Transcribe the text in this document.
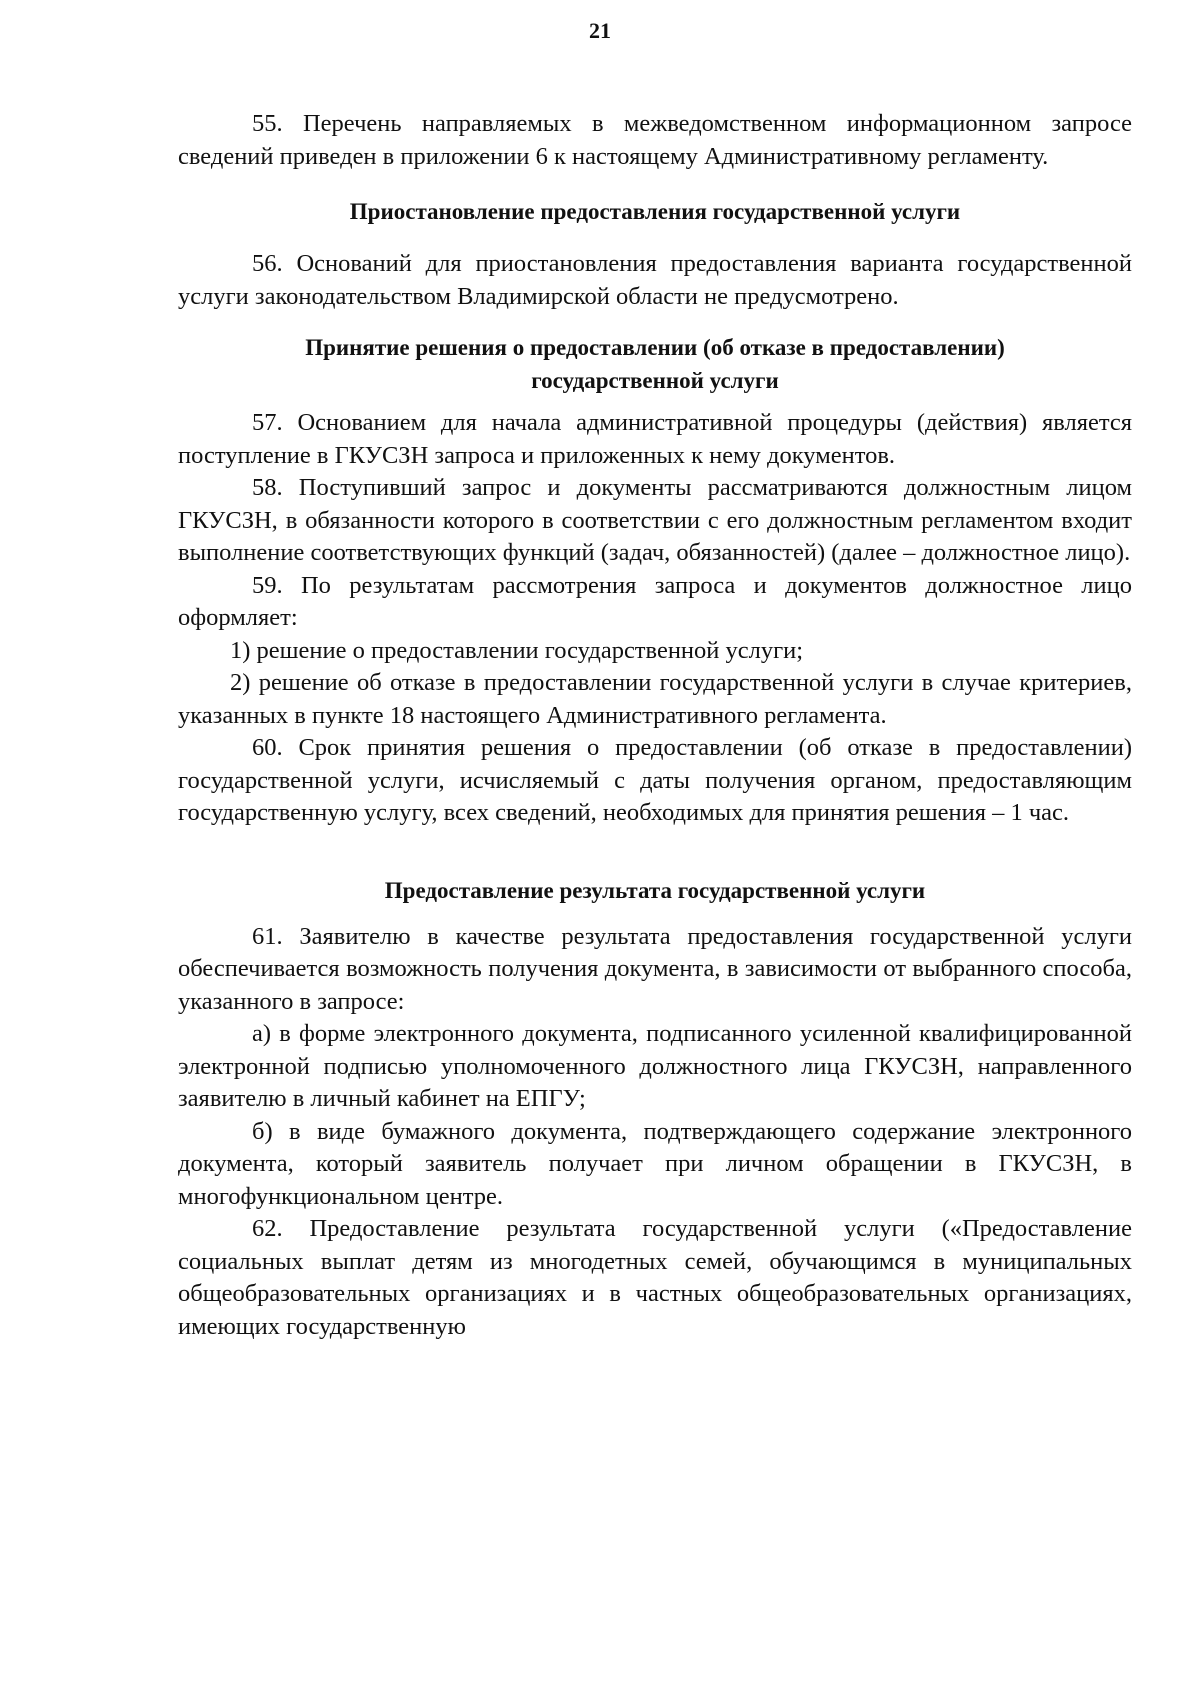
21

55. Перечень направляемых в межведомственном информационном запросе сведений приведен в приложении 6 к настоящему Административному регламенту.

Приостановление предоставления государственной услуги

56. Оснований для приостановления предоставления варианта государственной услуги законодательством Владимирской области не предусмотрено.

Принятие решения о предоставлении (об отказе в предоставлении)

государственной услуги

57. Основанием для начала административной процедуры (действия) является поступление в ГКУСЗН запроса и приложенных к нему документов.

58. Поступивший запрос и документы рассматриваются должностным лицом ГКУСЗН, в обязанности которого в соответствии с его должностным регламентом входит выполнение соответствующих функций (задач, обязанностей) (далее – должностное лицо).

59. По результатам рассмотрения запроса и документов должностное лицо оформляет:

1) решение о предоставлении государственной услуги;

2) решение об отказе в предоставлении государственной услуги в случае критериев, указанных в пункте 18 настоящего Административного регламента.

60. Срок принятия решения о предоставлении (об отказе в предоставлении) государственной услуги, исчисляемый с даты получения органом, предоставляющим государственную услугу, всех сведений, необходимых для принятия решения – 1 час.

Предоставление результата государственной услуги

61. Заявителю в качестве результата предоставления государственной услуги обеспечивается возможность получения документа, в зависимости от выбранного способа, указанного в запросе:

а) в форме электронного документа, подписанного усиленной квалифицированной электронной подписью уполномоченного должностного лица ГКУСЗН, направленного заявителю в личный кабинет на ЕПГУ;

б) в виде бумажного документа, подтверждающего содержание электронного документа, который заявитель получает при личном обращении в ГКУСЗН, в многофункциональном центре.

62. Предоставление результата государственной услуги («Предоставление социальных выплат детям из многодетных семей, обучающимся в муниципальных общеобразовательных организациях и в частных общеобразовательных организациях, имеющих государственную
